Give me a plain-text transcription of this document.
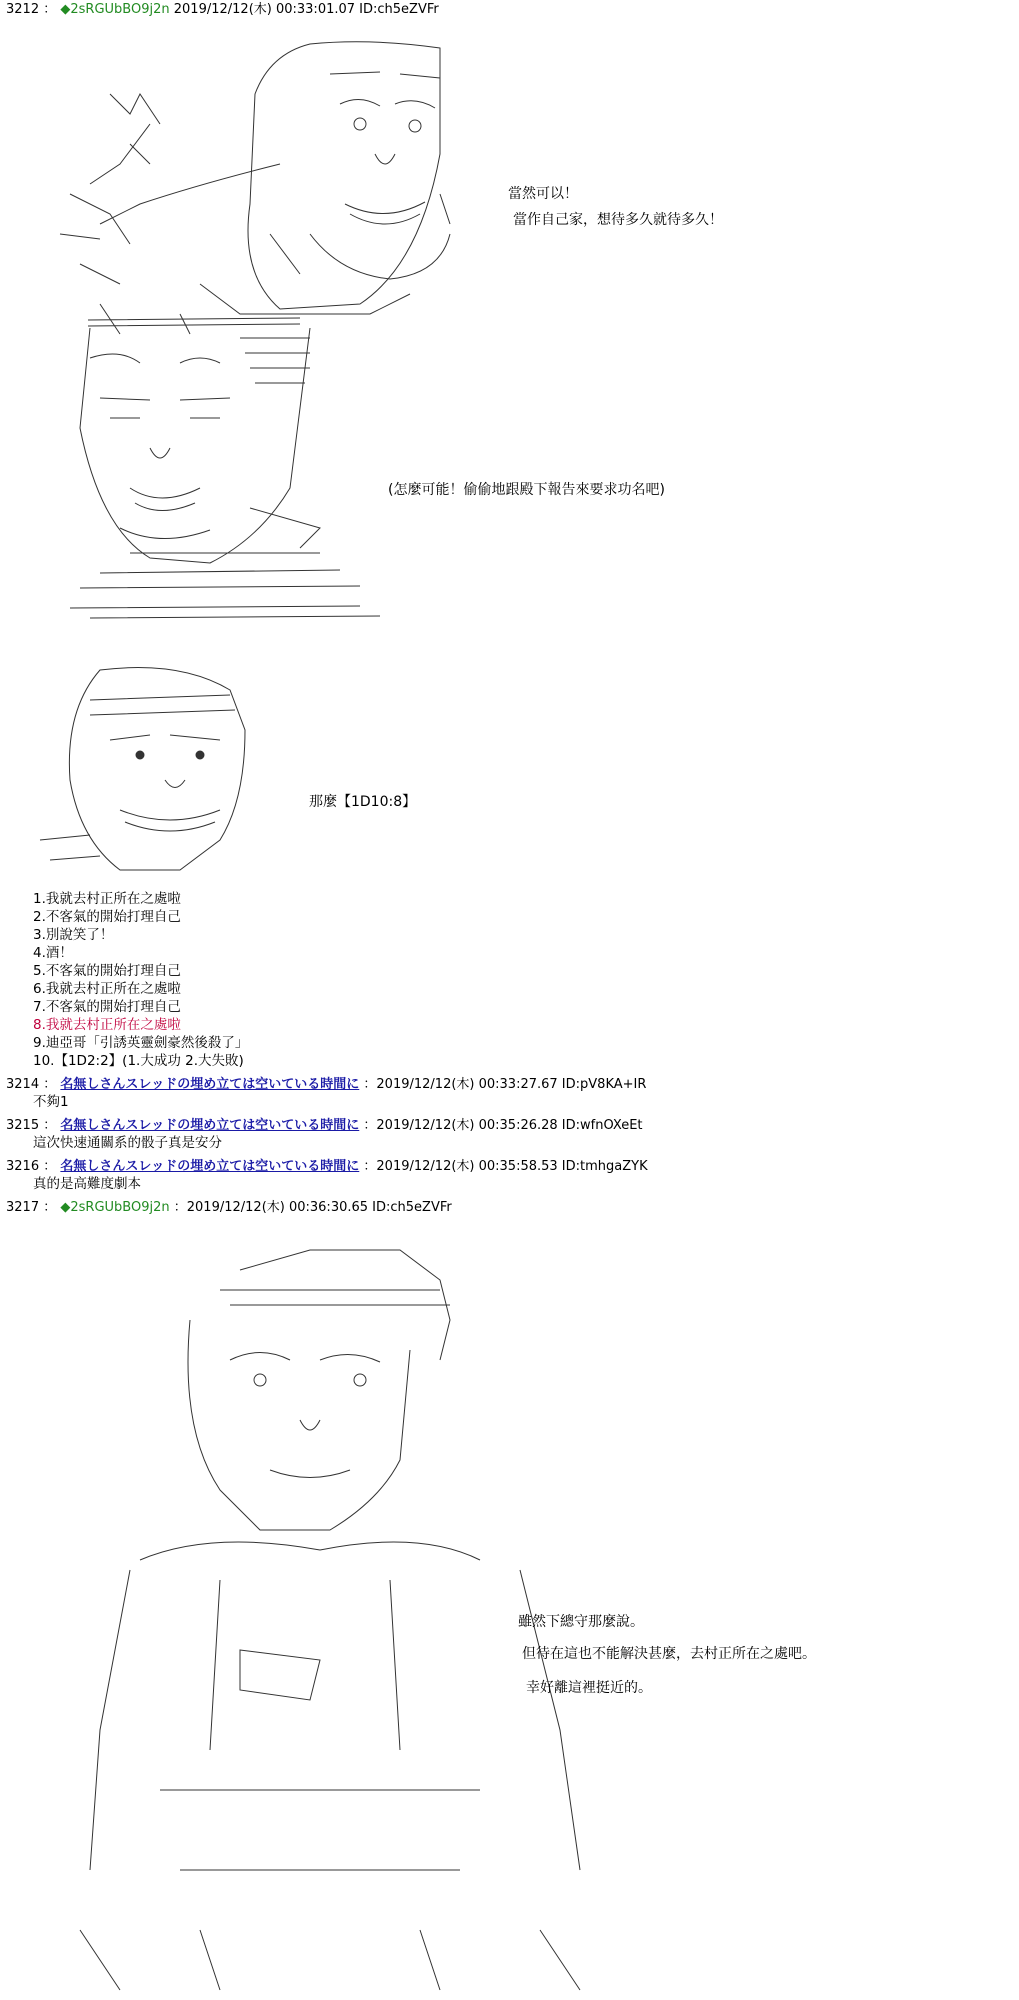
3212 ： ◆2sRGUbBO9j2n 2019/12/12(木) 00:33:01.07 ID:ch5eZVFr
當然可以！
當作自己家，想待多久就待多久！
(怎麼可能！偷偷地跟殿下報告來要求功名吧)
那麼【1D10:8】
1.我就去村正所在之處啦
2.不客氣的開始打理自己
3.別說笑了！
4.酒！
5.不客氣的開始打理自己
6.我就去村正所在之處啦
7.不客氣的開始打理自己
8.我就去村正所在之處啦
9.迪亞哥「引誘英靈劍豪然後殺了」
10.【1D2:2】(1.大成功 2.大失敗)
3214 ： 名無しさんスレッドの埋め立ては空いている時間に ：2019/12/12(木) 00:33:27.67 ID:pV8KA+IR
不夠1
3215 ： 名無しさんスレッドの埋め立ては空いている時間に ：2019/12/12(木) 00:35:26.28 ID:wfnOXeEt
這次快速通關系的骰子真是安分
3216 ： 名無しさんスレッドの埋め立ては空いている時間に ：2019/12/12(木) 00:35:58.53 ID:tmhgaZYK
真的是高難度劇本
3217 ： ◆2sRGUbBO9j2n ：2019/12/12(木) 00:36:30.65 ID:ch5eZVFr
雖然下總守那麼說。
但待在這也不能解決甚麼，去村正所在之處吧。
幸好離這裡挺近的。
